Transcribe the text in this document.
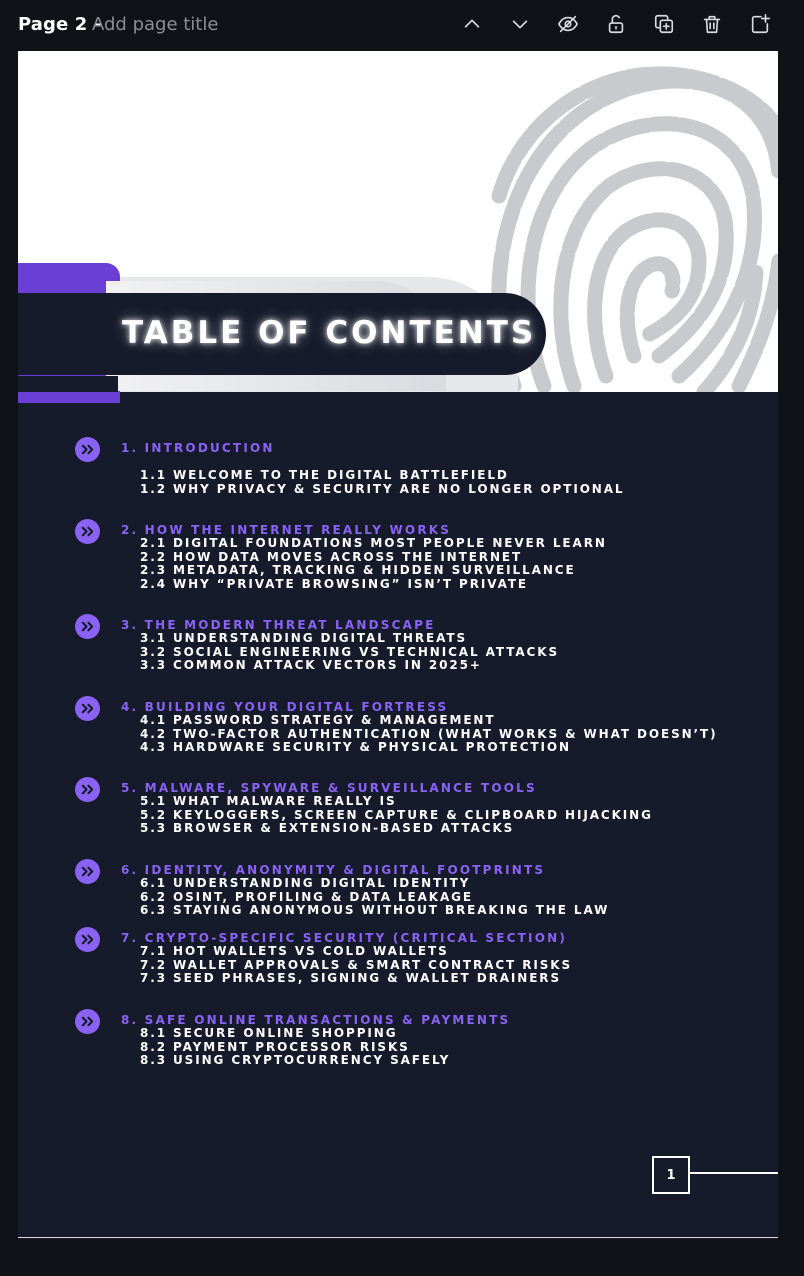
Page 2 -
Add page title
TABLE OF CONTENTS
1. INTRODUCTION
1.1 WELCOME TO THE DIGITAL BATTLEFIELD
1.2 WHY PRIVACY & SECURITY ARE NO LONGER OPTIONAL
2. HOW THE INTERNET REALLY WORKS
2.1 DIGITAL FOUNDATIONS MOST PEOPLE NEVER LEARN
2.2 HOW DATA MOVES ACROSS THE INTERNET
2.3 METADATA, TRACKING & HIDDEN SURVEILLANCE
2.4 WHY “PRIVATE BROWSING” ISN’T PRIVATE
3. THE MODERN THREAT LANDSCAPE
3.1 UNDERSTANDING DIGITAL THREATS
3.2 SOCIAL ENGINEERING VS TECHNICAL ATTACKS
3.3 COMMON ATTACK VECTORS IN 2025+
4. BUILDING YOUR DIGITAL FORTRESS
4.1 PASSWORD STRATEGY & MANAGEMENT
4.2 TWO-FACTOR AUTHENTICATION (WHAT WORKS & WHAT DOESN’T)
4.3 HARDWARE SECURITY & PHYSICAL PROTECTION
5. MALWARE, SPYWARE & SURVEILLANCE TOOLS
5.1 WHAT MALWARE REALLY IS
5.2 KEYLOGGERS, SCREEN CAPTURE & CLIPBOARD HIJACKING
5.3 BROWSER & EXTENSION-BASED ATTACKS
6. IDENTITY, ANONYMITY & DIGITAL FOOTPRINTS
6.1 UNDERSTANDING DIGITAL IDENTITY
6.2 OSINT, PROFILING & DATA LEAKAGE
6.3 STAYING ANONYMOUS WITHOUT BREAKING THE LAW
7. CRYPTO-SPECIFIC SECURITY (CRITICAL SECTION)
7.1 HOT WALLETS VS COLD WALLETS
7.2 WALLET APPROVALS & SMART CONTRACT RISKS
7.3 SEED PHRASES, SIGNING & WALLET DRAINERS
8. SAFE ONLINE TRANSACTIONS & PAYMENTS
8.1 SECURE ONLINE SHOPPING
8.2 PAYMENT PROCESSOR RISKS
8.3 USING CRYPTOCURRENCY SAFELY
1
